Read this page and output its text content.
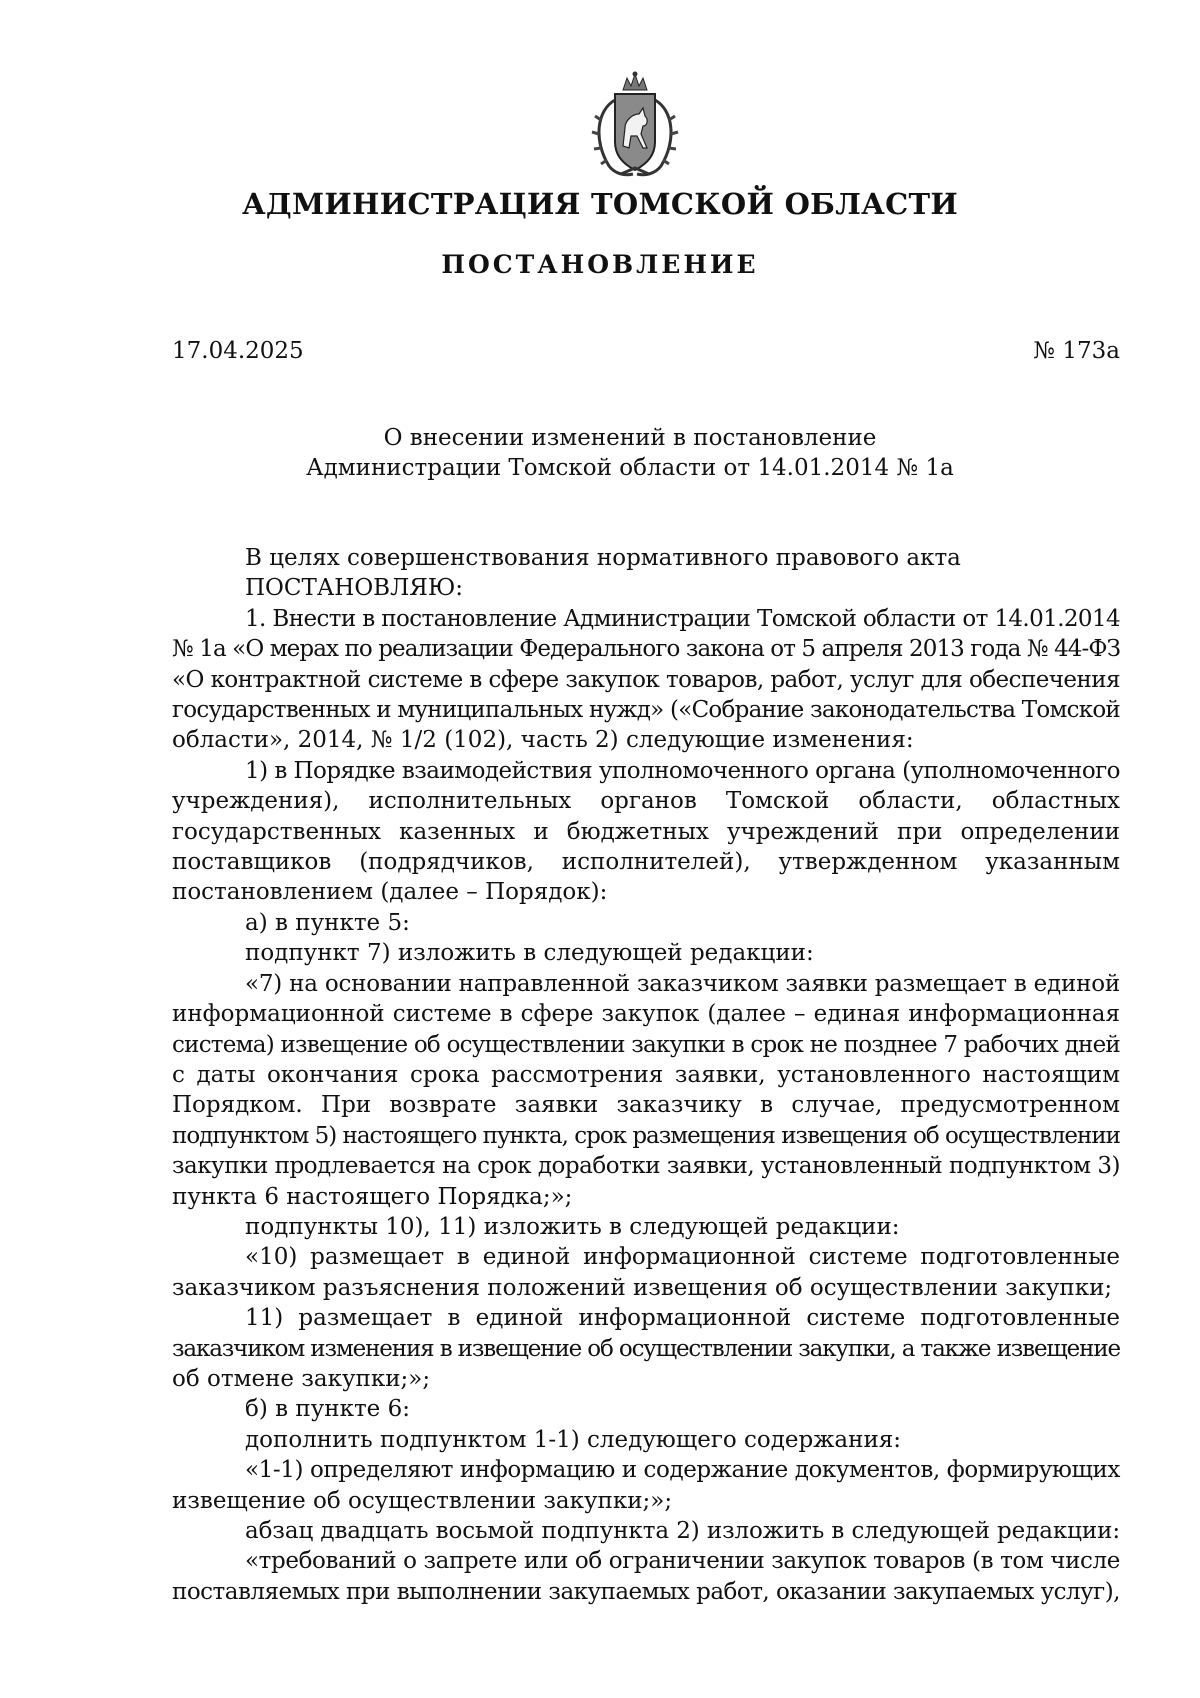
АДМИНИСТРАЦИЯ ТОМСКОЙ ОБЛАСТИ
ПОСТАНОВЛЕНИЕ
17.04.2025	№ 173а
О внесении изменений в постановление
Администрации Томской области от 14.01.2014 № 1а
В целях совершенствования нормативного правового акта
ПОСТАНОВЛЯЮ:
1. Внести в постановление Администрации Томской области от 14.01.2014
№ 1а «О мерах по реализации Федерального закона от 5 апреля 2013 года № 44-ФЗ
«О контрактной системе в сфере закупок товаров, работ, услуг для обеспечения
государственных и муниципальных нужд» («Собрание законодательства Томской
области», 2014, № 1/2 (102), часть 2) следующие изменения:
1) в Порядке взаимодействия уполномоченного органа (уполномоченного
учреждения), исполнительных органов Томской области, областных
государственных казенных и бюджетных учреждений при определении
поставщиков (подрядчиков, исполнителей), утвержденном указанным
постановлением (далее – Порядок):
а) в пункте 5:
подпункт 7) изложить в следующей редакции:
«7) на основании направленной заказчиком заявки размещает в единой
информационной системе в сфере закупок (далее – единая информационная
система) извещение об осуществлении закупки в срок не позднее 7 рабочих дней
с даты окончания срока рассмотрения заявки, установленного настоящим
Порядком. При возврате заявки заказчику в случае, предусмотренном
подпунктом 5) настоящего пункта, срок размещения извещения об осуществлении
закупки продлевается на срок доработки заявки, установленный подпунктом 3)
пункта 6 настоящего Порядка;»;
подпункты 10), 11) изложить в следующей редакции:
«10) размещает в единой информационной системе подготовленные
заказчиком разъяснения положений извещения об осуществлении закупки;
11) размещает в единой информационной системе подготовленные
заказчиком изменения в извещение об осуществлении закупки, а также извещение
об отмене закупки;»;
б) в пункте 6:
дополнить подпунктом 1-1) следующего содержания:
«1-1) определяют информацию и содержание документов, формирующих
извещение об осуществлении закупки;»;
абзац двадцать восьмой подпункта 2) изложить в следующей редакции:
«требований о запрете или об ограничении закупок товаров (в том числе
поставляемых при выполнении закупаемых работ, оказании закупаемых услуг),
